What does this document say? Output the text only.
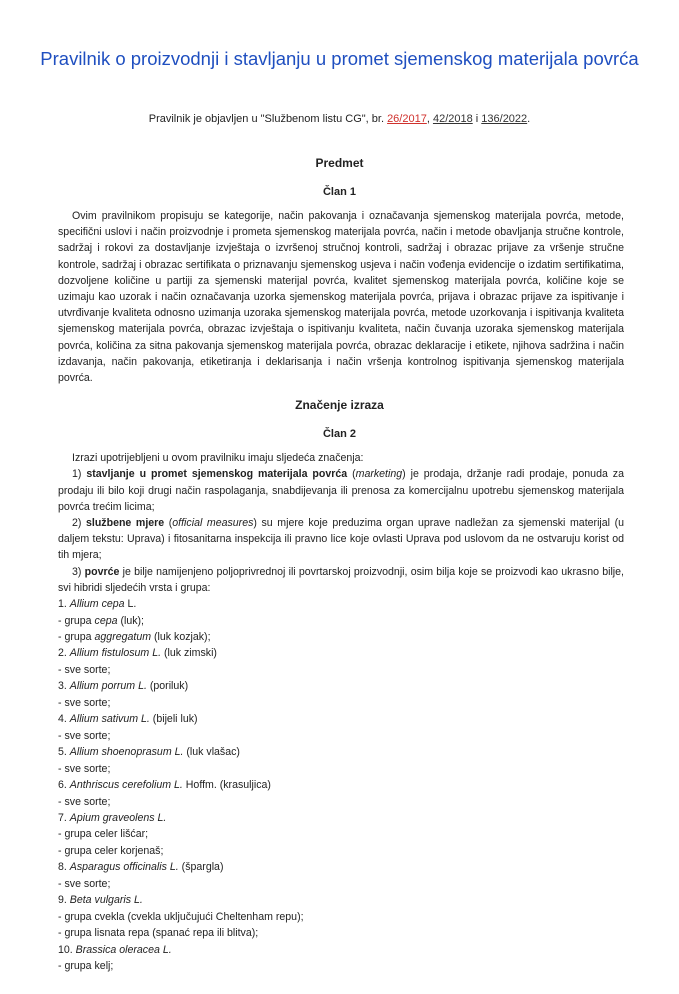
Pravilnik o proizvodnji i stavljanju u promet sjemenskog materijala povrća
Pravilnik je objavljen u "Službenom listu CG", br. 26/2017, 42/2018 i 136/2022.
Predmet
Član 1

Ovim pravilnikom propisuju se kategorije, način pakovanja i označavanja sjemenskog materijala povrća, metode, specifični uslovi i način proizvodnje i prometa sjemenskog materijala povrća, način i metode obavljanja stručne kontrole, sadržaj i rokovi za dostavljanje izvještaja o izvršenoj stručnoj kontroli, sadržaj i obrazac prijave za vršenje stručne kontrole, sadržaj i obrazac sertifikata o priznavanju sjemenskog usjeva i način vođenja evidencije o izdatim sertifikatima, dozvoljene količine u partiji za sjemenski materijal povrća, kvalitet sjemenskog materijala povrća, količine koje se uzimaju kao uzorak i način označavanja uzorka sjemenskog materijala povrća, prijava i obrazac prijave za ispitivanje i utvrđivanje kvaliteta odnosno uzimanja uzoraka sjemenskog materijala povrća, metode uzorkovanja i ispitivanja kvaliteta sjemenskog materijala povrća, obrazac izvještaja o ispitivanju kvaliteta, način čuvanja uzoraka sjemenskog materijala povrća, količina za sitna pakovanja sjemenskog materijala povrća, obrazac deklaracije i etikete, njihova sadržina i način izdavanja, način pakovanja, etiketiranja i deklarisanja i način vršenja kontrolnog ispitivanja sjemenskog materijala povrća.

Značenje izraza
Član 2

Izrazi upotrijebljeni u ovom pravilniku imaju sljedeća značenja:

1) stavljanje u promet sjemenskog materijala povrća (marketing) je prodaja, držanje radi prodaje, ponuda za prodaju ili bilo koji drugi način raspolaganja, snabdijevanja ili prenosa za komercijalnu upotrebu sjemenskog materijala povrća trećim licima;

2) službene mjere (official measures) su mjere koje preduzima organ uprave nadležan za sjemenski materijal (u daljem tekstu: Uprava) i fitosanitarna inspekcija ili pravno lice koje ovlasti Uprava pod uslovom da ne ostvaruju korist od tih mjera;

3) povrće je bilje namijenjeno poljoprivrednoj ili povrtarskoj proizvodnji, osim bilja koje se proizvodi kao ukrasno bilje, svi hibridi sljedećih vrsta i grupa:

1. Allium cepa L.
- grupa cepa (luk);
- grupa aggregatum (luk kozjak);
2. Allium fistulosum L. (luk zimski)
- sve sorte;
3. Allium porrum L. (poriluk)
- sve sorte;
4. Allium sativum L. (bijeli luk)
- sve sorte;
5. Allium shoenoprasum L. (luk vlašac)
- sve sorte;
6. Anthriscus cerefolium L. Hoffm. (krasuljica)
- sve sorte;
7. Apium graveolens L.
- grupa celer lišćar;
- grupa celer korjenaš;
8. Asparagus officinalis L. (špargla)
- sve sorte;
9. Beta vulgaris L.
- grupa cvekla (cvekla uključujući Cheltenham repu);
- grupa lisnata repa (spanać repa ili blitva);
10. Brassica oleracea L.
- grupa kelj;
